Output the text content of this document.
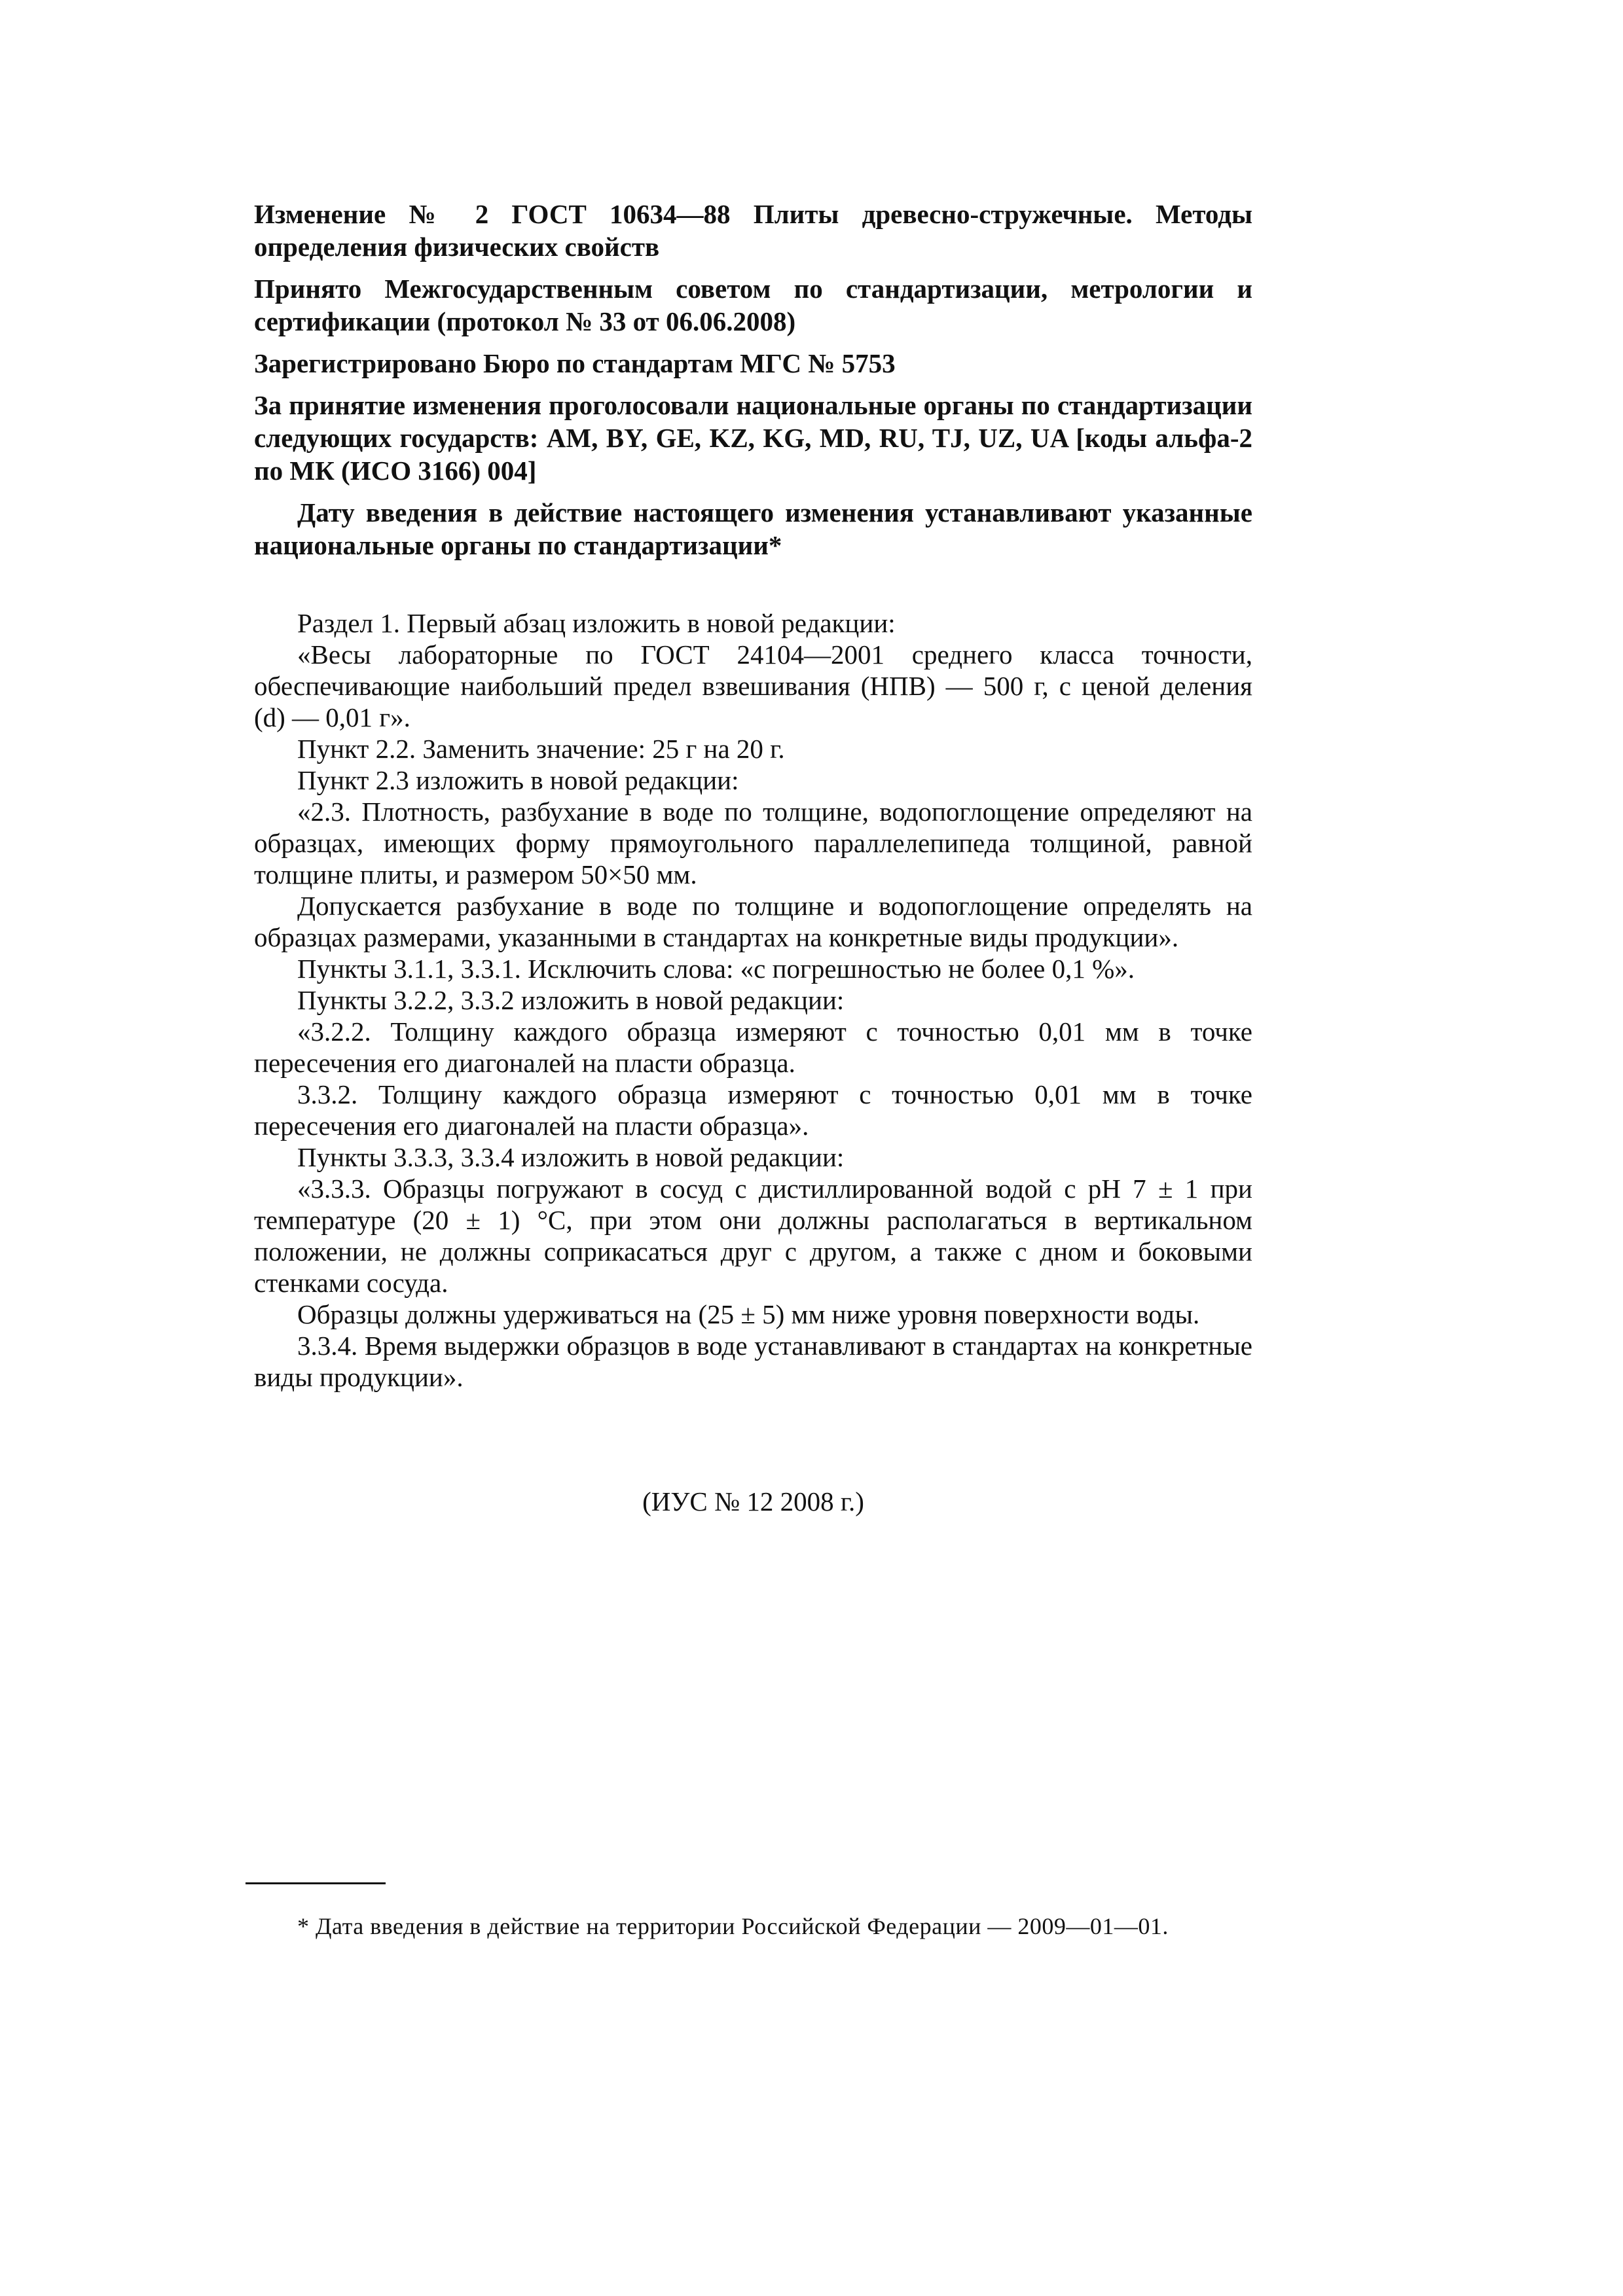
Изменение № 2 ГОСТ 10634—88 Плиты древесно-стружечные. Методы определения физических свойств

Принято Межгосударственным советом по стандартизации, метрологии и сертификации (протокол № 33 от 06.06.2008)

Зарегистрировано Бюро по стандартам МГС № 5753

За принятие изменения проголосовали национальные органы по стандартизации следующих государств: AM, BY, GE, KZ, KG, MD, RU, TJ, UZ, UA [коды альфа-2 по МК (ИСО 3166) 004]

Дату введения в действие настоящего изменения устанавливают указанные национальные органы по стандартизации*

Раздел 1. Первый абзац изложить в новой редакции:

«Весы лабораторные по ГОСТ 24104—2001 среднего класса точности, обеспечивающие наибольший предел взвешивания (НПВ) — 500 г, с ценой деления (d) — 0,01 г».

Пункт 2.2. Заменить значение: 25 г на 20 г.

Пункт 2.3 изложить в новой редакции:

«2.3. Плотность, разбухание в воде по толщине, водопоглощение определяют на образцах, имеющих форму прямоугольного параллелепипеда толщиной, равной толщине плиты, и размером 50×50 мм.

Допускается разбухание в воде по толщине и водопоглощение определять на образцах размерами, указанными в стандартах на конкретные виды продукции».

Пункты 3.1.1, 3.3.1. Исключить слова: «с погрешностью не более 0,1 %».

Пункты 3.2.2, 3.3.2 изложить в новой редакции:

«3.2.2. Толщину каждого образца измеряют с точностью 0,01 мм в точке пересечения его диагоналей на пласти образца.

3.3.2. Толщину каждого образца измеряют с точностью 0,01 мм в точке пересечения его диагоналей на пласти образца».

Пункты 3.3.3, 3.3.4 изложить в новой редакции:

«3.3.3. Образцы погружают в сосуд с дистиллированной водой с pH 7 ± 1 при температуре (20 ± 1) °С, при этом они должны располагаться в вертикальном положении, не должны соприкасаться друг с другом, а также с дном и боковыми стенками сосуда.

Образцы должны удерживаться на (25 ± 5) мм ниже уровня поверхности воды.

3.3.4. Время выдержки образцов в воде устанавливают в стандартах на конкретные виды продукции».

(ИУС № 12 2008 г.)

* Дата введения в действие на территории Российской Федерации — 2009—01—01.
